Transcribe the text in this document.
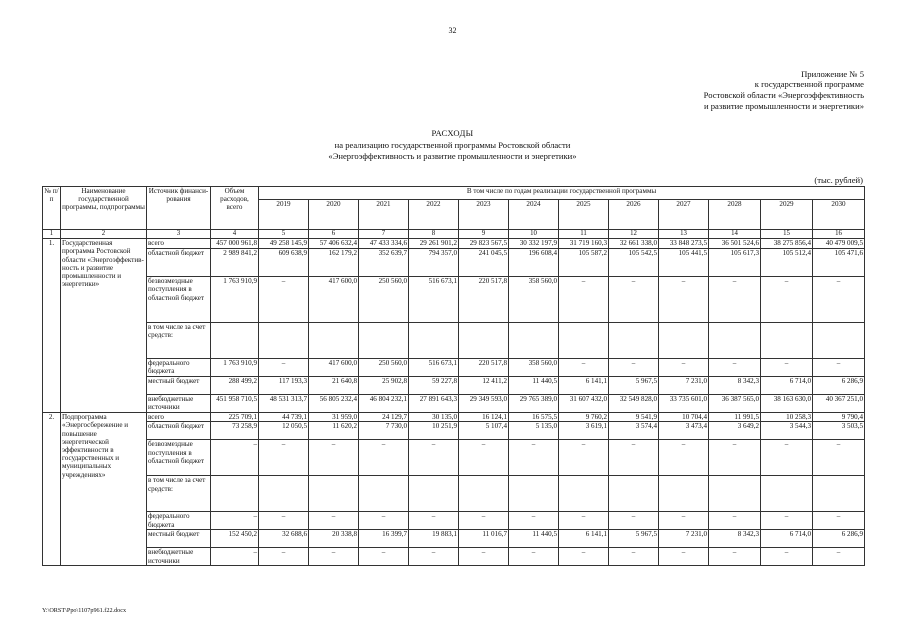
32
Приложение № 5
к государственной программе
Ростовской области «Энергоэффективность
и развитие промышленности и энергетики»
РАСХОДЫ
на реализацию государственной программы Ростовской области
«Энергоэффективность и развитие промышленности и энергетики»
(тыс. рублей)
№ п/п	Наименование государственной программы, подпрограммы	Источник финанси-рования	Объем расходов, всего	В том числе по годам реализации государственной программы											
				2019	2020	2021	2022	2023	2024	2025	2026	2027	2028	2029	2030
1	2	3	4	5	6	7	8	9	10	11	12	13	14	15	16
1.	Государственная программа Ростовской области «Энергоэффектив-ность и развитие промышленности и энергетики»	всего	457 000 961,8	49 258 145,9	57 406 632,4	47 433 334,6	29 261 901,2	29 823 567,5	30 332 197,9	31 719 160,3	32 661 338,0	33 848 273,5	36 501 524,6	38 275 856,4	40 479 009,5
		областной бюджет	2 989 841,2	609 638,9	162 179,2	352 639,7	794 357,0	241 045,5	196 608,4	105 587,2	105 542,5	105 441,5	105 617,3	105 512,4	105 471,6
		безвозмездные поступления в областной бюджет	1 763 910,9	–	417 600,0	250 560,0	516 673,1	220 517,8	358 560,0	–	–	–	–	–	–
		в том числе за счет средств:													
		федерального бюджета	1 763 910,9	–	417 600,0	250 560,0	516 673,1	220 517,8	358 560,0	–	–	–	–	–	–
		местный бюджет	288 499,2	117 193,3	21 640,8	25 902,8	59 227,8	12 411,2	11 440,5	6 141,1	5 967,5	7 231,0	8 342,3	6 714,0	6 286,9
		внебюджетные источники	451 958 710,5	48 531 313,7	56 805 232,4	46 804 232,1	27 891 643,3	29 349 593,0	29 765 389,0	31 607 432,0	32 549 828,0	33 735 601,0	36 387 565,0	38 163 630,0	40 367 251,0
2.	Подпрограмма «Энергосбережение и повышение энергетической эффективности в государственных и муниципальных учреждениях»	всего	225 709,1	44 739,1	31 959,0	24 129,7	30 135,0	16 124,1	16 575,5	9 760,2	9 541,9	10 704,4	11 991,5	10 258,3	9 790,4
		областной бюджет	73 258,9	12 050,5	11 620,2	7 730,0	10 251,9	5 107,4	5 135,0	3 619,1	3 574,4	3 473,4	3 649,2	3 544,3	3 503,5
		безвозмездные поступления в областной бюджет	–	–	–	–	–	–	–	–	–	–	–	–	–
		в том числе за счет средств:													
		федерального бюджета	–	–	–	–	–	–	–	–	–	–	–	–	–
		местный бюджет	152 450,2	32 688,6	20 338,8	16 399,7	19 883,1	11 016,7	11 440,5	6 141,1	5 967,5	7 231,0	8 342,3	6 714,0	6 286,9
		внебюджетные источники	–	–	–	–	–	–	–	–	–	–	–	–	–
Y:\ORST\Ppo\1107p961.f22.docx
